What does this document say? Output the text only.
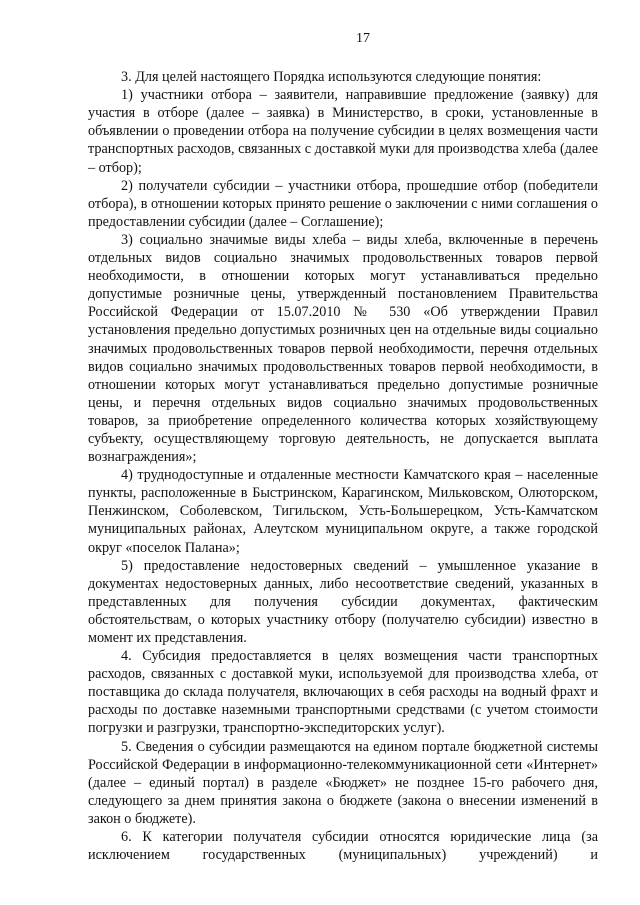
17

3. Для целей настоящего Порядка используются следующие понятия:

1) участники отбора – заявители, направившие предложение (заявку) для участия в отборе (далее – заявка) в Министерство, в сроки, установленные в объявлении о проведении отбора на получение субсидии в целях возмещения части транспортных расходов, связанных с доставкой муки для производства хлеба (далее – отбор);

2) получатели субсидии – участники отбора, прошедшие отбор (победители отбора), в отношении которых принято решение о заключении с ними соглашения о предоставлении субсидии (далее – Соглашение);

3) социально значимые виды хлеба – виды хлеба, включенные в перечень отдельных видов социально значимых продовольственных товаров первой необходимости, в отношении которых могут устанавливаться предельно допустимые розничные цены, утвержденный постановлением Правительства Российской Федерации от 15.07.2010 № 530 «Об утверждении Правил установления предельно допустимых розничных цен на отдельные виды социально значимых продовольственных товаров первой необходимости, перечня отдельных видов социально значимых продовольственных товаров первой необходимости, в отношении которых могут устанавливаться предельно допустимые розничные цены, и перечня отдельных видов социально значимых продовольственных товаров, за приобретение определенного количества которых хозяйствующему субъекту, осуществляющему торговую деятельность, не допускается выплата вознаграждения»;

4) труднодоступные и отдаленные местности Камчатского края – населенные пункты, расположенные в Быстринском, Карагинском, Мильковском, Олюторском, Пенжинском, Соболевском, Тигильском, Усть-Большерецком, Усть-Камчатском муниципальных районах, Алеутском муниципальном округе, а также городской округ «поселок Палана»;

5) предоставление недостоверных сведений – умышленное указание в документах недостоверных данных, либо несоответствие сведений, указанных в представленных для получения субсидии документах, фактическим обстоятельствам, о которых участнику отбору (получателю субсидии) известно в момент их представления.

4. Субсидия предоставляется в целях возмещения части транспортных расходов, связанных с доставкой муки, используемой для производства хлеба, от поставщика до склада получателя, включающих в себя расходы на водный фрахт и расходы по доставке наземными транспортными средствами (с учетом стоимости погрузки и разгрузки, транспортно-экспедиторских услуг).

5. Сведения о субсидии размещаются на едином портале бюджетной системы Российской Федерации в информационно-телекоммуникационной сети «Интернет» (далее – единый портал) в разделе «Бюджет» не позднее 15-го рабочего дня, следующего за днем принятия закона о бюджете (закона о внесении изменений в закон о бюджете).

6. К категории получателя субсидии относятся юридические лица (за исключением государственных (муниципальных) учреждений) и
